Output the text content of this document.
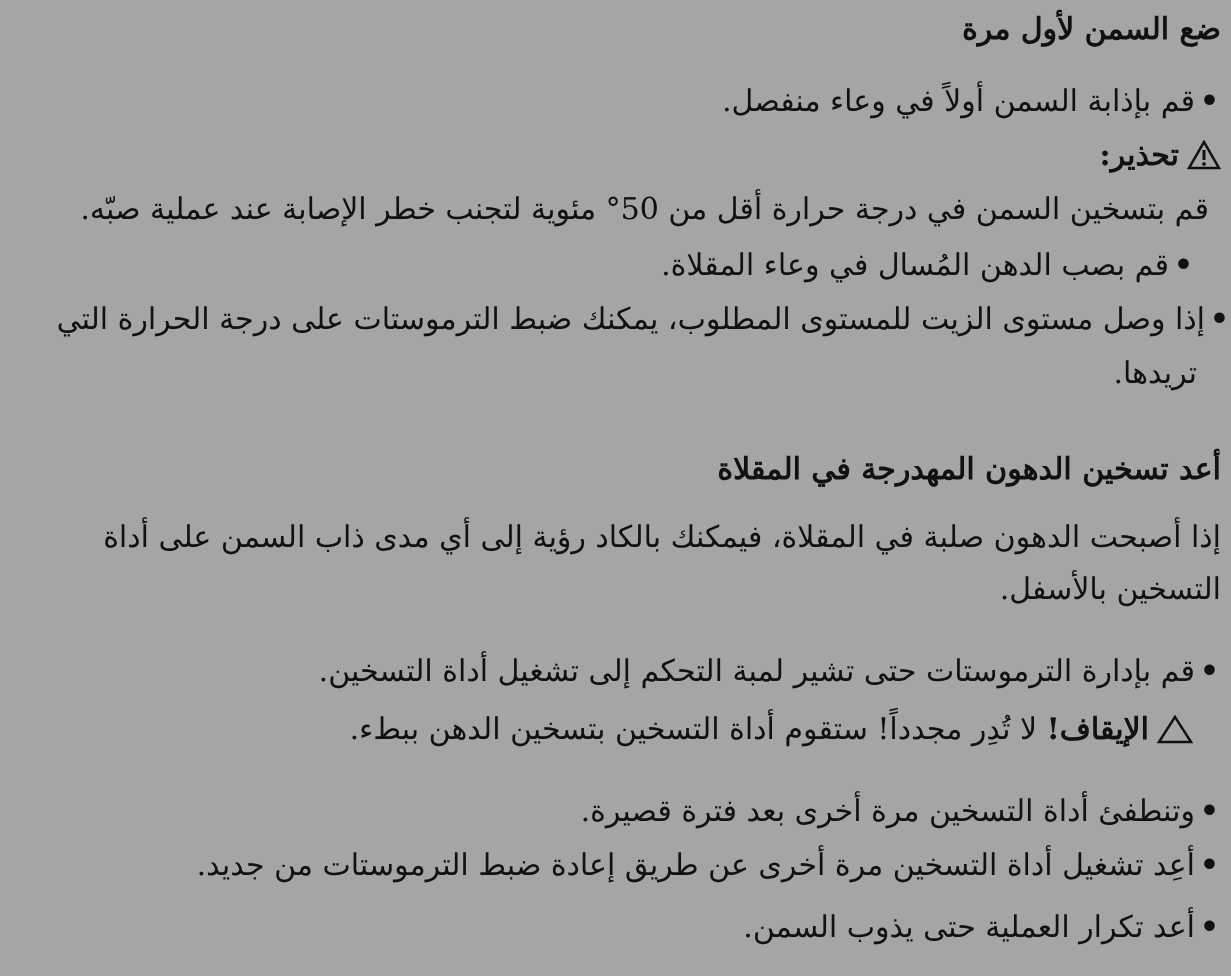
ضع السمن لأول مرة
•قم بإذابة السمن أولاً في وعاء منفصل.
تحذير:
قم بتسخين السمن في درجة حرارة أقل من 50° مئوية لتجنب خطر الإصابة عند عملية صبّه.
•قم بصب الدهن المُسال في وعاء المقلاة.
•إذا وصل مستوى الزيت للمستوى المطلوب، يمكنك ضبط الترموستات على درجة الحرارة التي
تريدها.
أعد تسخين الدهون المهدرجة في المقلاة
إذا أصبحت الدهون صلبة في المقلاة، فيمكنك بالكاد رؤية إلى أي مدى ذاب السمن على أداة
التسخين بالأسفل.
•قم بإدارة الترموستات حتى تشير لمبة التحكم إلى تشغيل أداة التسخين.
الإيقاف! لا تُدِر مجدداً! ستقوم أداة التسخين بتسخين الدهن ببطء.
•وتنطفئ أداة التسخين مرة أخرى بعد فترة قصيرة.
•أعِد تشغيل أداة التسخين مرة أخرى عن طريق إعادة ضبط الترموستات من جديد.
•أعد تكرار العملية حتى يذوب السمن.
